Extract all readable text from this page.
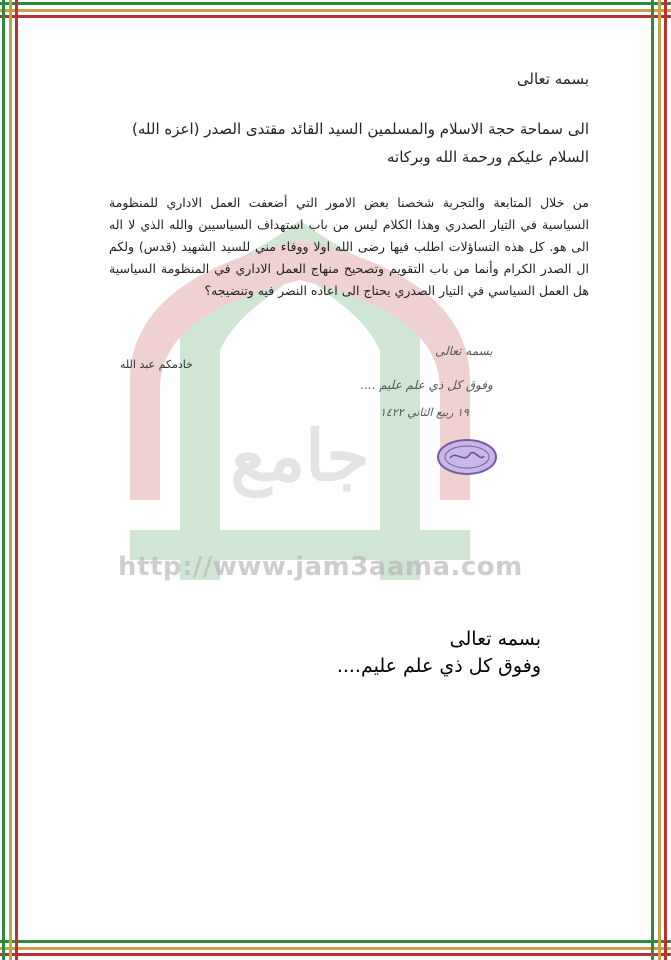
جامع
http://www.jam3aama.com
بسمه تعالى
الى سماحة حجة الاسلام والمسلمين السيد القائد مقتدى الصدر (اعزه الله)
السلام عليكم ورحمة الله وبركاته
من خلال المتابعة والتجربة شخصنا بعض الامور التي أضعفت العمل الاداري للمنظومة السياسية في التيار الصدري وهذا الكلام ليس من باب استهداف السياسيين والله الذي لا اله الى هو. كل هذه التساؤلات اطلب فيها رضى الله اولا ووفاء مني للسيد الشهيد (قدس) ولكم ال الصدر الكرام وأنما من باب التقويم وتصحيح منهاج العمل الاداري في المنظومة السياسية هل العمل السياسي في التيار الصدري يحتاج الى اعاده النضر فيه وتنضيجه؟
خادمكم عبد الله
بسمه تعالى
وفوق كل ذي علم عليم ....
١٩ ربيع الثاني ١٤٢٢
بسمه تعالى
وفوق كل ذي علم عليم....
